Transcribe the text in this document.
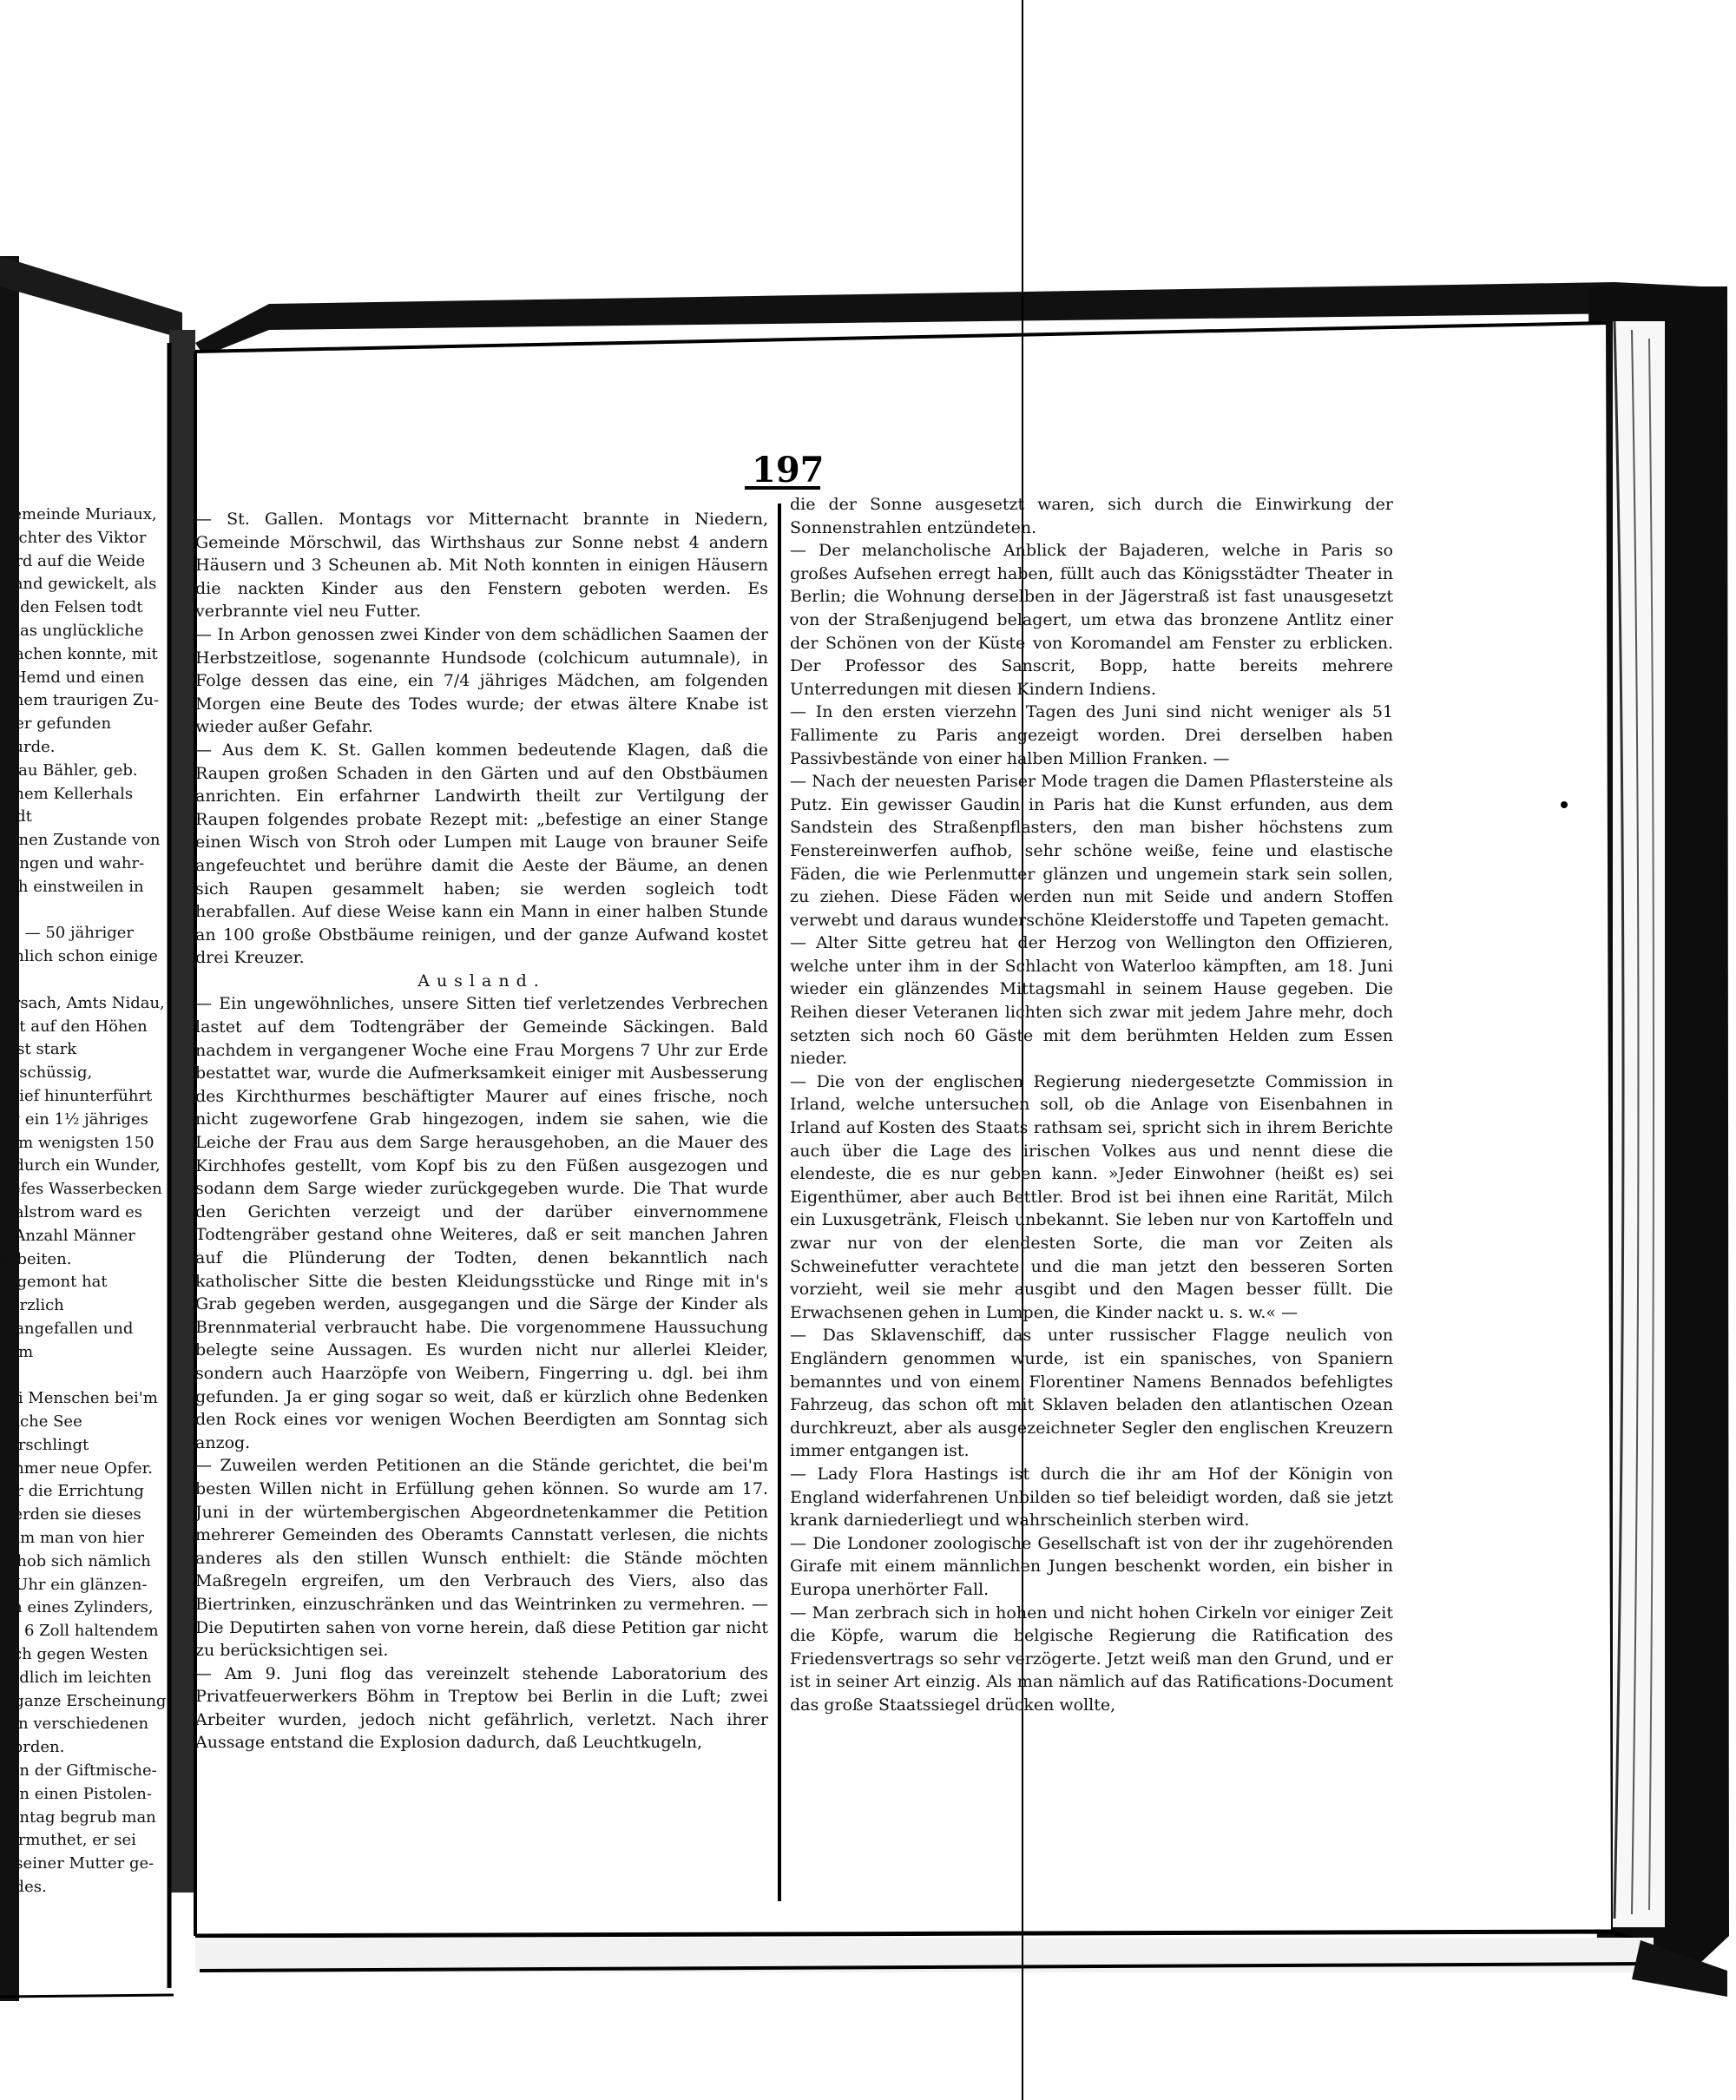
197
Gemeinde Muriaux,
Tochter des Viktor
ferd auf die Weide
Hand gewickelt, als
in den Felsen todt
, das unglückliche
machen konnte, mit
s Hemd und einen
lchem traurigen Zu-
iger gefunden wurde.
Frau Bähler, geb.
einem Kellerhals todt
kenen Zustande von
gangen und wahr-
och einstweilen in

45 — 50 jähriger
einlich schon einige

Orsach, Amts Nidau,
agt auf den Höhen
erst stark abschüssig,
s tief hinunterführt
ng ein 1½ jähriges
zum wenigsten 150
e durch ein Wunder,
tiefes Wasserbecken
Walstrom ward es
e Anzahl Männer
arbeiten.
orgemont hat kürzlich
n angefallen und zum

vei Menschen bei'm
bliche See verschlingt
ammer neue Opfer.
für die Errichtung
werden sie dieses
llhm man von hier
erhob sich nämlich
9 Uhr ein glänzen-
rm eines Zylinders,
ad 6 Zoll haltendem
sich gegen Westen
endlich im leichten
e ganze Erscheinung
von verschiedenen
worden.
ohn der Giftmische-
ohn einen Pistolen-
onntag begrub man
vermuthet, er sei
n seiner Mutter ge-
o des.

— St. Gallen. Montags vor Mitternacht brannte in Niedern, Gemeinde Mörschwil, das Wirthshaus zur Sonne nebst 4 andern Häusern und 3 Scheunen ab. Mit Noth konnten in einigen Häusern die nackten Kinder aus den Fenstern geboten werden. Es verbrannte viel neu Futter.

— In Arbon genossen zwei Kinder von dem schädlichen Saamen der Herbstzeitlose, sogenannte Hundsode (colchicum autumnale), in Folge dessen das eine, ein 7/4 jähriges Mädchen, am folgenden Morgen eine Beute des Todes wurde; der etwas ältere Knabe ist wieder außer Gefahr.

— Aus dem K. St. Gallen kommen bedeutende Klagen, daß die Raupen großen Schaden in den Gärten und auf den Obstbäumen anrichten. Ein erfahrner Landwirth theilt zur Vertilgung der Raupen folgendes probate Rezept mit: „befestige an einer Stange einen Wisch von Stroh oder Lumpen mit Lauge von brauner Seife angefeuchtet und berühre damit die Aeste der Bäume, an denen sich Raupen gesammelt haben; sie werden sogleich todt herabfallen. Auf diese Weise kann ein Mann in einer halben Stunde an 100 große Obstbäume reinigen, und der ganze Aufwand kostet drei Kreuzer.

Ausland.

— Ein ungewöhnliches, unsere Sitten tief verletzendes Verbrechen lastet auf dem Todtengräber der Gemeinde Säckingen. Bald nachdem in vergangener Woche eine Frau Morgens 7 Uhr zur Erde bestattet war, wurde die Aufmerksamkeit einiger mit Ausbesserung des Kirchthurmes beschäftigter Maurer auf eines frische, noch nicht zugeworfene Grab hingezogen, indem sie sahen, wie die Leiche der Frau aus dem Sarge herausgehoben, an die Mauer des Kirchhofes gestellt, vom Kopf bis zu den Füßen ausgezogen und sodann dem Sarge wieder zurückgegeben wurde. Die That wurde den Gerichten verzeigt und der darüber einvernommene Todtengräber gestand ohne Weiteres, daß er seit manchen Jahren auf die Plünderung der Todten, denen bekanntlich nach katholischer Sitte die besten Kleidungsstücke und Ringe mit in's Grab gegeben werden, ausgegangen und die Särge der Kinder als Brennmaterial verbraucht habe. Die vorgenommene Haussuchung belegte seine Aussagen. Es wurden nicht nur allerlei Kleider, sondern auch Haarzöpfe von Weibern, Fingerring u. dgl. bei ihm gefunden. Ja er ging sogar so weit, daß er kürzlich ohne Bedenken den Rock eines vor wenigen Wochen Beerdigten am Sonntag sich anzog.

— Zuweilen werden Petitionen an die Stände gerichtet, die bei'm besten Willen nicht in Erfüllung gehen können. So wurde am 17. Juni in der würtembergischen Abgeordnetenkammer die Petition mehrerer Gemeinden des Oberamts Cannstatt verlesen, die nichts anderes als den stillen Wunsch enthielt: die Stände möchten Maßregeln ergreifen, um den Verbrauch des Viers, also das Biertrinken, einzuschränken und das Weintrinken zu vermehren. — Die Deputirten sahen von vorne herein, daß diese Petition gar nicht zu berücksichtigen sei.

— Am 9. Juni flog das vereinzelt stehende Laboratorium des Privatfeuerwerkers Böhm in Treptow bei Berlin in die Luft; zwei Arbeiter wurden, jedoch nicht gefährlich, verletzt. Nach ihrer Aussage entstand die Explosion dadurch, daß Leuchtkugeln,

die der Sonne ausgesetzt waren, sich durch die Einwirkung der Sonnenstrahlen entzündeten.

— Der melancholische Anblick der Bajaderen, welche in Paris so großes Aufsehen erregt haben, füllt auch das Königsstädter Theater in Berlin; die Wohnung derselben in der Jägerstraß ist fast unausgesetzt von der Straßenjugend belagert, um etwa das bronzene Antlitz einer der Schönen von der Küste von Koromandel am Fenster zu erblicken. Der Professor des Sanscrit, Bopp, hatte bereits mehrere Unterredungen mit diesen Kindern Indiens.

— In den ersten vierzehn Tagen des Juni sind nicht weniger als 51 Fallimente zu Paris angezeigt worden. Drei derselben haben Passivbestände von einer halben Million Franken. —

— Nach der neuesten Pariser Mode tragen die Damen Pflastersteine als Putz. Ein gewisser Gaudin in Paris hat die Kunst erfunden, aus dem Sandstein des Straßenpflasters, den man bisher höchstens zum Fenstereinwerfen aufhob, sehr schöne weiße, feine und elastische Fäden, die wie Perlenmutter glänzen und ungemein stark sein sollen, zu ziehen. Diese Fäden werden nun mit Seide und andern Stoffen verwebt und daraus wunderschöne Kleiderstoffe und Tapeten gemacht.

— Alter Sitte getreu hat der Herzog von Wellington den Offizieren, welche unter ihm in der Schlacht von Waterloo kämpften, am 18. Juni wieder ein glänzendes Mittagsmahl in seinem Hause gegeben. Die Reihen dieser Veteranen lichten sich zwar mit jedem Jahre mehr, doch setzten sich noch 60 Gäste mit dem berühmten Helden zum Essen nieder.

— Die von der englischen Regierung niedergesetzte Commission in Irland, welche untersuchen soll, ob die Anlage von Eisenbahnen in Irland auf Kosten des Staats rathsam sei, spricht sich in ihrem Berichte auch über die Lage des irischen Volkes aus und nennt diese die elendeste, die es nur geben kann. »Jeder Einwohner (heißt es) sei Eigenthümer, aber auch Bettler. Brod ist bei ihnen eine Rarität, Milch ein Luxusgetränk, Fleisch unbekannt. Sie leben nur von Kartoffeln und zwar nur von der elendesten Sorte, die man vor Zeiten als Schweinefutter verachtete und die man jetzt den besseren Sorten vorzieht, weil sie mehr ausgibt und den Magen besser füllt. Die Erwachsenen gehen in Lumpen, die Kinder nackt u. s. w.« —

— Das Sklavenschiff, das unter russischer Flagge neulich von Engländern genommen wurde, ist ein spanisches, von Spaniern bemanntes und von einem Florentiner Namens Bennados befehligtes Fahrzeug, das schon oft mit Sklaven beladen den atlantischen Ozean durchkreuzt, aber als ausgezeichneter Segler den englischen Kreuzern immer entgangen ist.

— Lady Flora Hastings ist durch die ihr am Hof der Königin von England widerfahrenen Unbilden so tief beleidigt worden, daß sie jetzt krank darniederliegt und wahrscheinlich sterben wird.

— Die Londoner zoologische Gesellschaft ist von der ihr zugehörenden Girafe mit einem männlichen Jungen beschenkt worden, ein bisher in Europa unerhörter Fall.

— Man zerbrach sich in hohen und nicht hohen Cirkeln vor einiger Zeit die Köpfe, warum die belgische Regierung die Ratification des Friedensvertrags so sehr verzögerte. Jetzt weiß man den Grund, und er ist in seiner Art einzig. Als man nämlich auf das Ratifications-Document das große Staatssiegel drücken wollte,
